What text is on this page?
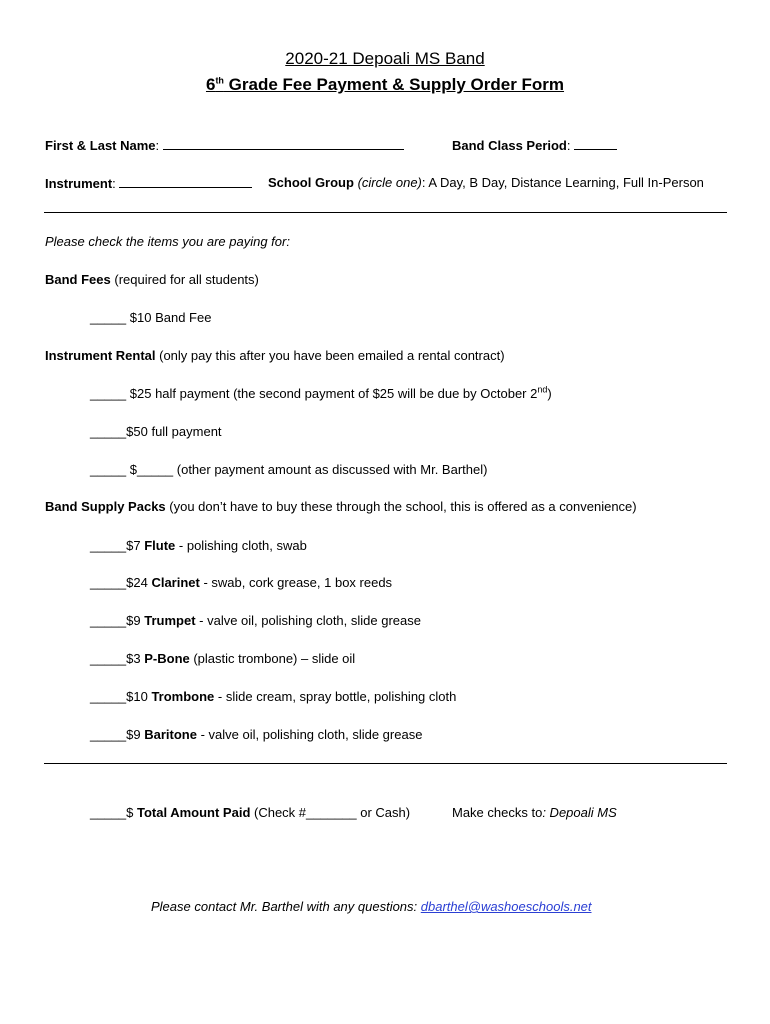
2020-21 Depoali MS Band
6th Grade Fee Payment & Supply Order Form
First & Last Name:	Band Class Period:
Instrument:	School Group (circle one): A Day, B Day, Distance Learning, Full In-Person
Please check the items you are paying for:
Band Fees (required for all students)
_____ $10 Band Fee
Instrument Rental (only pay this after you have been emailed a rental contract)
_____ $25 half payment (the second payment of $25 will be due by October 2nd)
_____$50 full payment
_____ $_____ (other payment amount as discussed with Mr. Barthel)
Band Supply Packs (you don’t have to buy these through the school, this is offered as a convenience)
_____$7 Flute - polishing cloth, swab
_____$24 Clarinet - swab, cork grease, 1 box reeds
_____$9 Trumpet - valve oil, polishing cloth, slide grease
_____$3 P-Bone (plastic trombone) – slide oil
_____$10 Trombone - slide cream, spray bottle, polishing cloth
_____$9 Baritone - valve oil, polishing cloth, slide grease
_____$ Total Amount Paid (Check #_______ or Cash)	Make checks to: Depoali MS
Please contact Mr. Barthel with any questions: dbarthel@washoeschools.net
